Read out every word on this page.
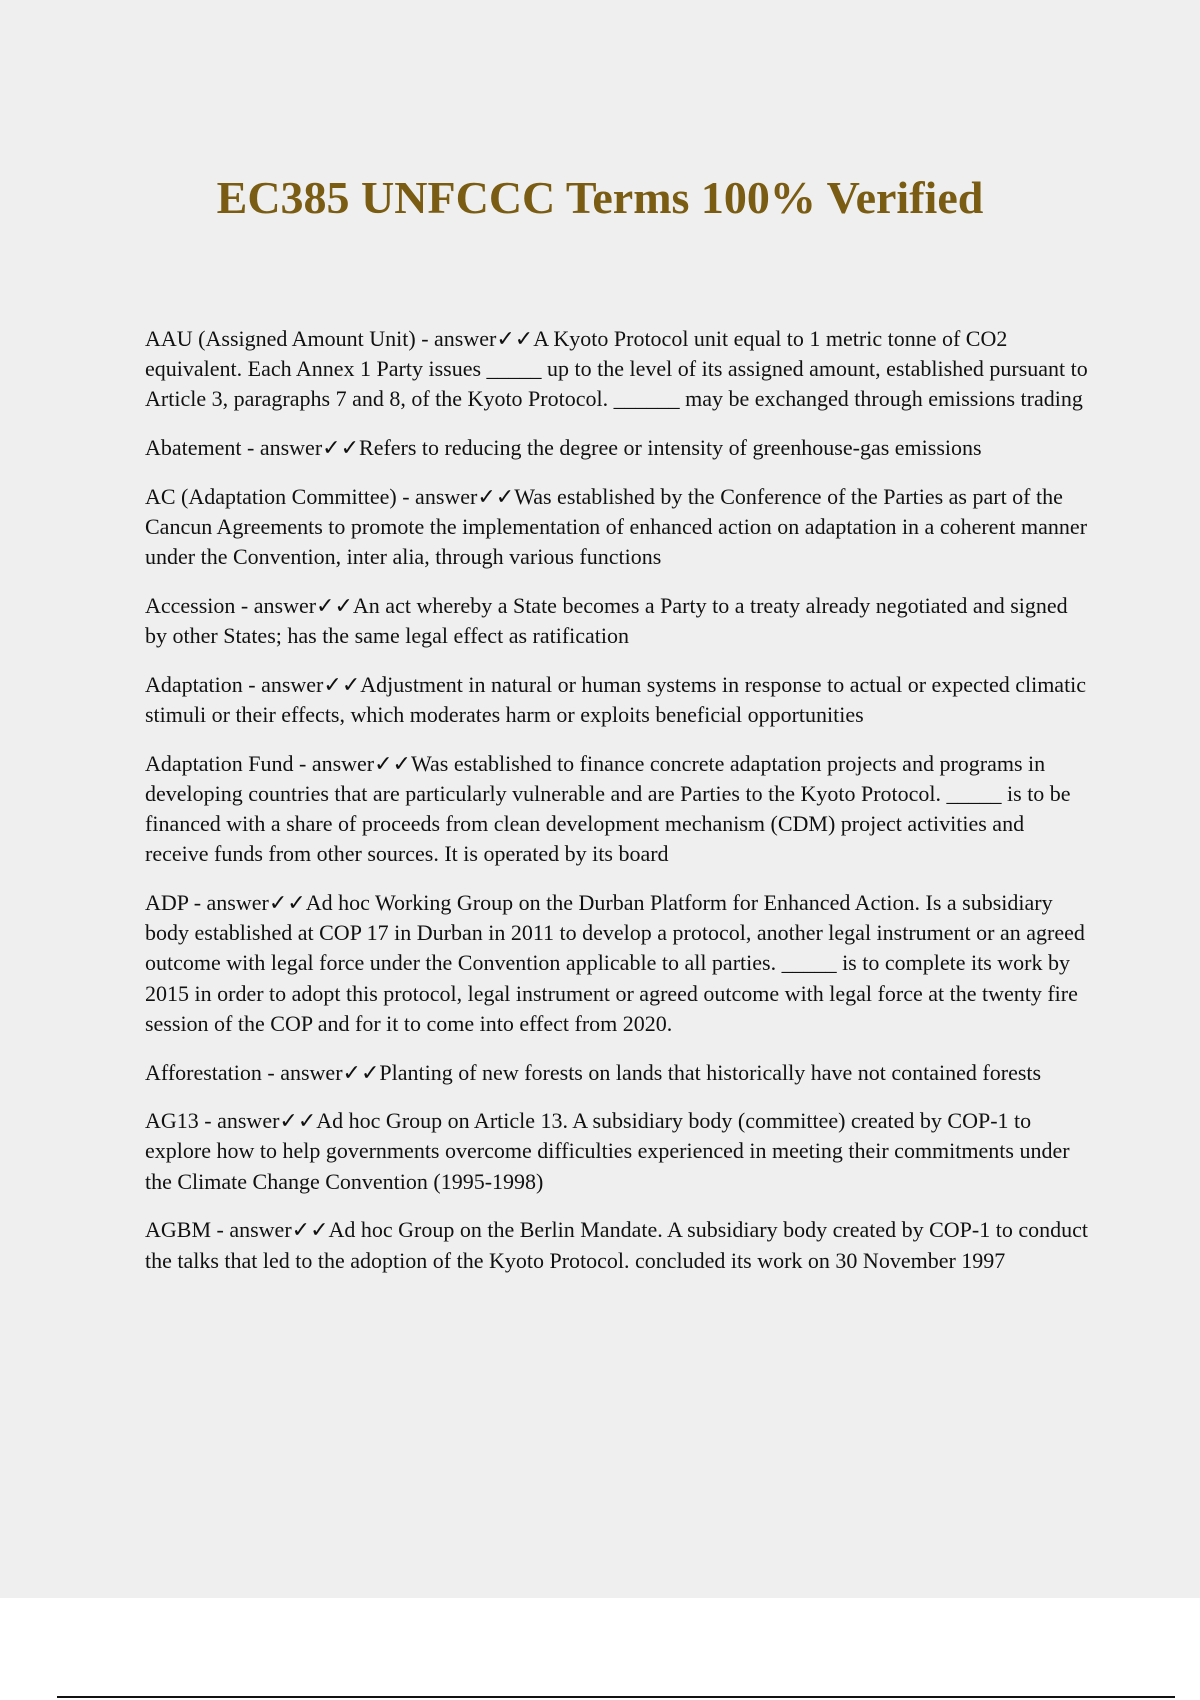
EC385 UNFCCC Terms 100% Verified

AAU (Assigned Amount Unit) - answer✓✓A Kyoto Protocol unit equal to 1 metric tonne of CO2 equivalent. Each Annex 1 Party issues _____ up to the level of its assigned amount, established pursuant to Article 3, paragraphs 7 and 8, of the Kyoto Protocol. ______ may be exchanged through emissions trading

Abatement - answer✓✓Refers to reducing the degree or intensity of greenhouse-gas emissions

AC (Adaptation Committee) - answer✓✓Was established by the Conference of the Parties as part of the Cancun Agreements to promote the implementation of enhanced action on adaptation in a coherent manner under the Convention, inter alia, through various functions

Accession - answer✓✓An act whereby a State becomes a Party to a treaty already negotiated and signed by other States; has the same legal effect as ratification

Adaptation - answer✓✓Adjustment in natural or human systems in response to actual or expected climatic stimuli or their effects, which moderates harm or exploits beneficial opportunities

Adaptation Fund - answer✓✓Was established to finance concrete adaptation projects and programs in developing countries that are particularly vulnerable and are Parties to the Kyoto Protocol. _____ is to be financed with a share of proceeds from clean development mechanism (CDM) project activities and receive funds from other sources. It is operated by its board

ADP - answer✓✓Ad hoc Working Group on the Durban Platform for Enhanced Action. Is a subsidiary body established at COP 17 in Durban in 2011 to develop a protocol, another legal instrument or an agreed outcome with legal force under the Convention applicable to all parties. _____ is to complete its work by 2015 in order to adopt this protocol, legal instrument or agreed outcome with legal force at the twenty fire session of the COP and for it to come into effect from 2020.

Afforestation - answer✓✓Planting of new forests on lands that historically have not contained forests

AG13 - answer✓✓Ad hoc Group on Article 13. A subsidiary body (committee) created by COP-1 to explore how to help governments overcome difficulties experienced in meeting their commitments under the Climate Change Convention (1995-1998)

AGBM - answer✓✓Ad hoc Group on the Berlin Mandate. A subsidiary body created by COP-1 to conduct the talks that led to the adoption of the Kyoto Protocol. concluded its work on 30 November 1997
